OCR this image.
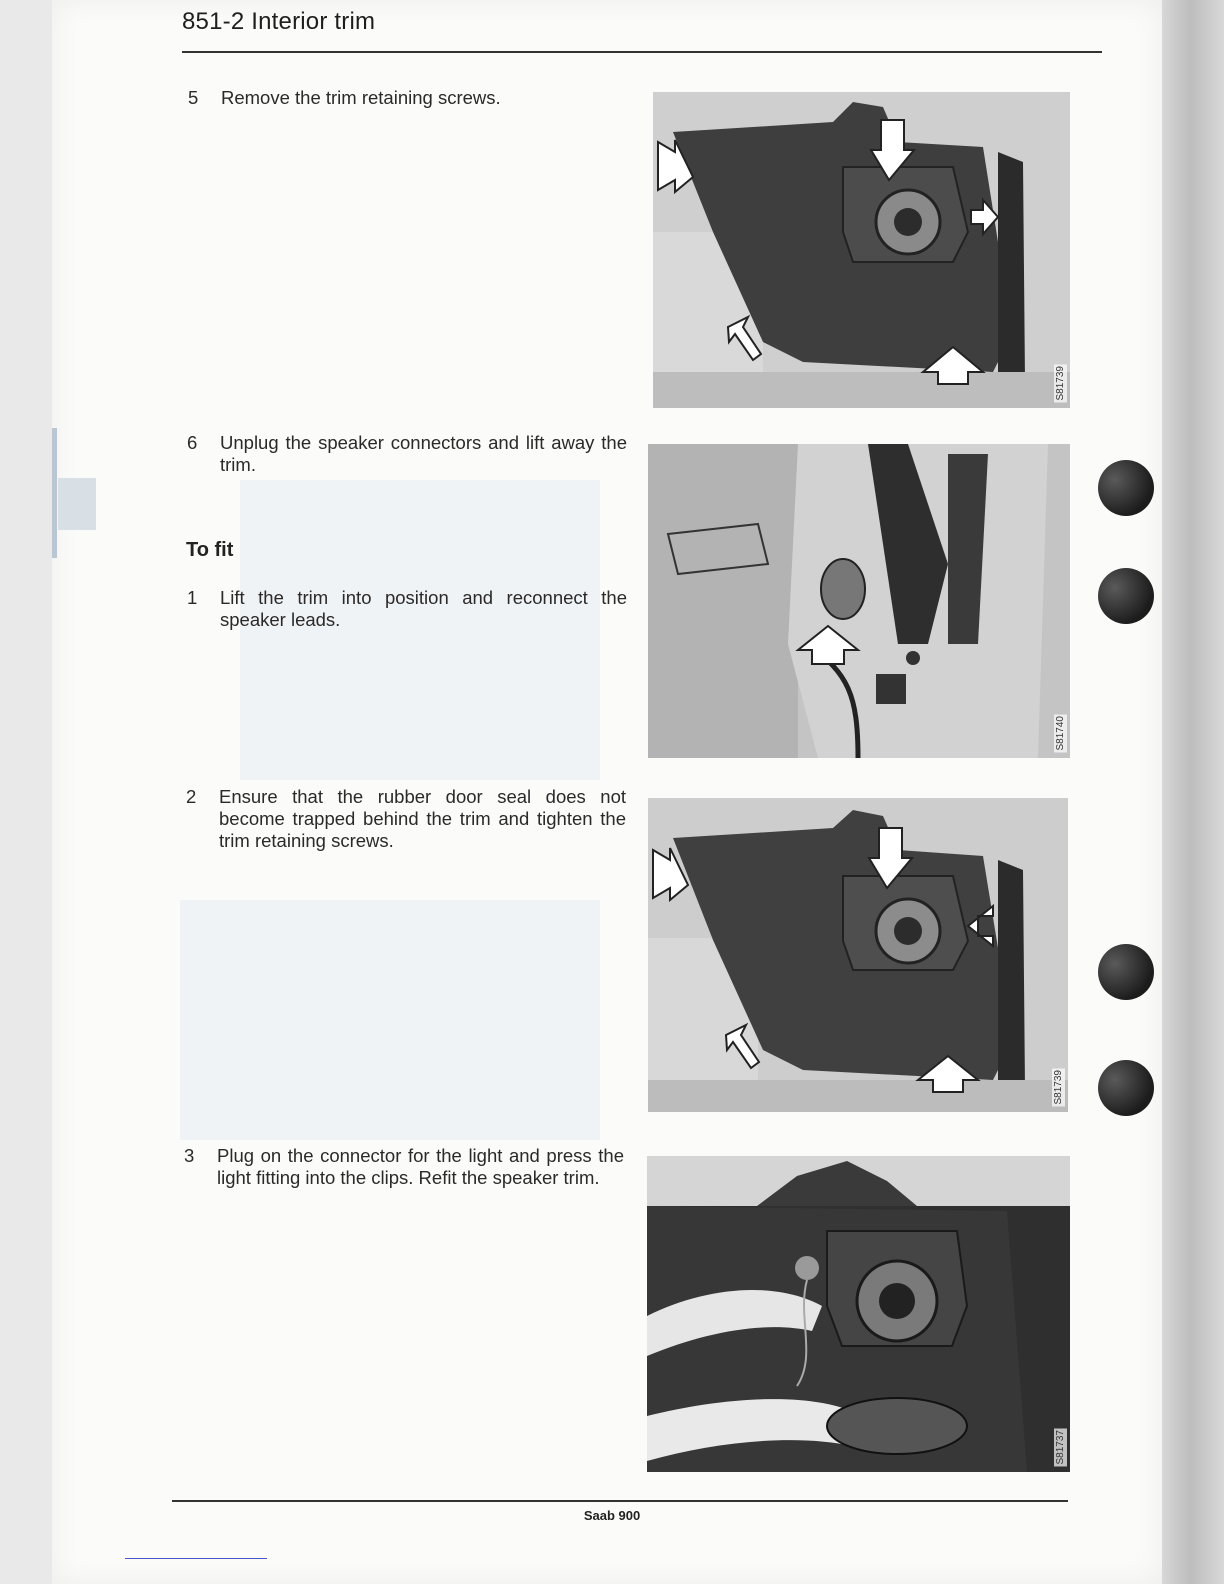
851-2 Interior trim
5	Remove the trim retaining screws.
6	Unplug the speaker connectors and lift away the trim.
To fit
1	Lift the trim into position and reconnect the speaker leads.
2	Ensure that the rubber door seal does not become trapped behind the trim and tighten the trim retaining screws.
3	Plug on the connector for the light and press the light fitting into the clips. Refit the speaker trim.
S81739
S81740
S81739
S81737
Saab 900
